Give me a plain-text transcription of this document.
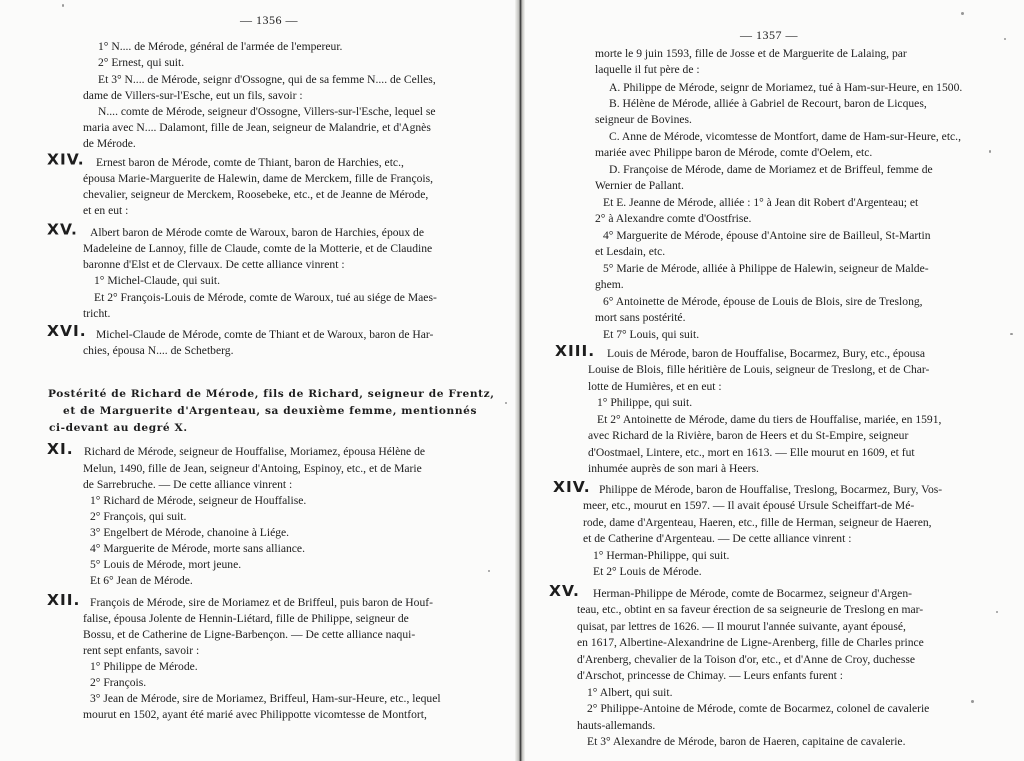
— 1356 —
1° N.... de Mérode, général de l'armée de l'empereur.
2° Ernest, qui suit.
Et 3° N.... de Mérode, seignr d'Ossogne, qui de sa femme N.... de Celles,
dame de Villers-sur-l'Esche, eut un fils, savoir :
N.... comte de Mérode, seigneur d'Ossogne, Villers-sur-l'Esche, lequel se
maria avec N.... Dalamont, fille de Jean, seigneur de Malandrie, et d'Agnès
de Mérode.
XIV. Ernest baron de Mérode, comte de Thiant, baron de Harchies, etc.,
épousa Marie-Marguerite de Halewin, dame de Merckem, fille de François,
chevalier, seigneur de Merckem, Roosebeke, etc., et de Jeanne de Mérode,
et en eut :
XV. Albert baron de Mérode comte de Waroux, baron de Harchies, époux de
Madeleine de Lannoy, fille de Claude, comte de la Motterie, et de Claudine
baronne d'Elst et de Clervaux. De cette alliance vinrent :
1° Michel-Claude, qui suit.
Et 2° François-Louis de Mérode, comte de Waroux, tué au siége de Maes-
tricht.
XVI. Michel-Claude de Mérode, comte de Thiant et de Waroux, baron de Har-
chies, épousa N.... de Schetberg.
Postérité de Richard de Mérode, fils de Richard, seigneur de Frentz,
et de Marguerite d'Argenteau, sa deuxième femme, mentionnés
ci-devant au degré X.
XI. Richard de Mérode, seigneur de Houffalise, Moriamez, épousa Hélène de
Melun, 1490, fille de Jean, seigneur d'Antoing, Espinoy, etc., et de Marie
de Sarrebruche. — De cette alliance vinrent :
1° Richard de Mérode, seigneur de Houffalise.
2° François, qui suit.
3° Engelbert de Mérode, chanoine à Liége.
4° Marguerite de Mérode, morte sans alliance.
5° Louis de Mérode, mort jeune.
Et 6° Jean de Mérode.
XII. François de Mérode, sire de Moriamez et de Briffeul, puis baron de Houf-
falise, épousa Jolente de Hennin-Liétard, fille de Philippe, seigneur de
Bossu, et de Catherine de Ligne-Barbençon. — De cette alliance naqui-
rent sept enfants, savoir :
1° Philippe de Mérode.
2° François.
3° Jean de Mérode, sire de Moriamez, Briffeul, Ham-sur-Heure, etc., lequel
mourut en 1502, ayant été marié avec Philippotte vicomtesse de Montfort,
— 1357 —
morte le 9 juin 1593, fille de Josse et de Marguerite de Lalaing, par
laquelle il fut père de :
A. Philippe de Mérode, seignr de Moriamez, tué à Ham-sur-Heure, en 1500.
B. Hélène de Mérode, alliée à Gabriel de Recourt, baron de Licques,
seigneur de Bovines.
C. Anne de Mérode, vicomtesse de Montfort, dame de Ham-sur-Heure, etc.,
mariée avec Philippe baron de Mérode, comte d'Oelem, etc.
D. Françoise de Mérode, dame de Moriamez et de Briffeul, femme de
Wernier de Pallant.
Et E. Jeanne de Mérode, alliée : 1° à Jean dit Robert d'Argenteau; et
2° à Alexandre comte d'Oostfrise.
4° Marguerite de Mérode, épouse d'Antoine sire de Bailleul, St-Martin
et Lesdain, etc.
5° Marie de Mérode, alliée à Philippe de Halewin, seigneur de Malde-
ghem.
6° Antoinette de Mérode, épouse de Louis de Blois, sire de Treslong,
mort sans postérité.
Et 7° Louis, qui suit.
XIII. Louis de Mérode, baron de Houffalise, Bocarmez, Bury, etc., épousa
Louise de Blois, fille héritière de Louis, seigneur de Treslong, et de Char-
lotte de Humières, et en eut :
1° Philippe, qui suit.
Et 2° Antoinette de Mérode, dame du tiers de Houffalise, mariée, en 1591,
avec Richard de la Rivière, baron de Heers et du St-Empire, seigneur
d'Oostmael, Lintere, etc., mort en 1613. — Elle mourut en 1609, et fut
inhumée auprès de son mari à Heers.
XIV. Philippe de Mérode, baron de Houffalise, Treslong, Bocarmez, Bury, Vos-
meer, etc., mourut en 1597. — Il avait épousé Ursule Scheiffart-de Mé-
rode, dame d'Argenteau, Haeren, etc., fille de Herman, seigneur de Haeren,
et de Catherine d'Argenteau. — De cette alliance vinrent :
1° Herman-Philippe, qui suit.
Et 2° Louis de Mérode.
XV. Herman-Philippe de Mérode, comte de Bocarmez, seigneur d'Argen-
teau, etc., obtint en sa faveur érection de sa seigneurie de Treslong en mar-
quisat, par lettres de 1626. — Il mourut l'année suivante, ayant épousé,
en 1617, Albertine-Alexandrine de Ligne-Arenberg, fille de Charles prince
d'Arenberg, chevalier de la Toison d'or, etc., et d'Anne de Croy, duchesse
d'Arschot, princesse de Chimay. — Leurs enfants furent :
1° Albert, qui suit.
2° Philippe-Antoine de Mérode, comte de Bocarmez, colonel de cavalerie
hauts-allemands.
Et 3° Alexandre de Mérode, baron de Haeren, capitaine de cavalerie.
